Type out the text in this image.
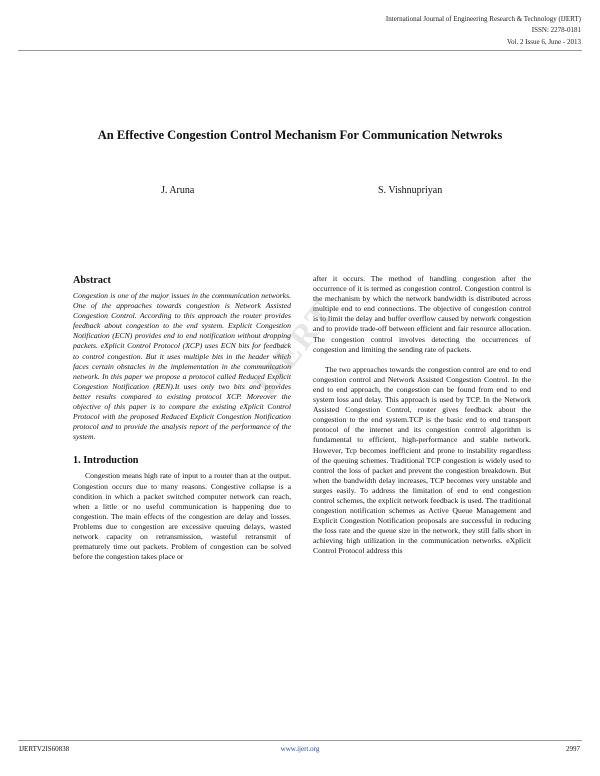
International Journal of Engineering Research & Technology (IJERT)
ISSN: 2278-0181
Vol. 2 Issue 6, June - 2013
An Effective Congestion Control Mechanism For Communication Netwroks
J. Aruna	S. Vishnupriyan
Abstract

Congestion is one of the major issues in the communication networks. One of the approaches towards congestion is Network Assisted Congestion Control. According to this approach the router provides feedback about congestion to the end system. Explicit Congestion Notification (ECN) provides end to end notification without dropping packets. eXplicit Control Protocol (XCP) uses ECN bits for feedback to control congestion. But it uses multiple bits in the header which faces certain obstacles in the implementation in the communication network. In this paper we propose a protocol called Reduced Explicit Congestion Notification (REN).It uses only two bits and provides better results compared to existing protocol XCP. Moreover the objective of this paper is to compare the existing eXplicit Control Protocol with the proposed Reduced Explicit Congestion Notification protocol and to provide the analysis report of the performance of the system.

1. Introduction

Congestion means high rate of input to a router than at the output. Congestion occurs due to many reasons. Congestive collapse is a condition in which a packet switched computer network can reach, when a little or no useful communication is happening due to congestion. The main effects of the congestion are delay and losses. Problems due to congestion are excessive queuing delays, wasted network capacity on retransmission, wasteful retransmit of prematurely time out packets. Problem of congestion can be solved before the congestion takes place or

after it occurs. The method of handling congestion after the occurrence of it is termed as congestion control. Congestion control is the mechanism by which the network bandwidth is distributed across multiple end to end connections. The objective of congestion control is to limit the delay and buffer overflow caused by network congestion and to provide trade-off between efficient and fair resource allocation. The congestion control involves detecting the occurrences of congestion and limiting the sending rate of packets.

The two approaches towards the congestion control are end to end congestion control and Network Assisted Congestion Control. In the end to end approach, the congestion can be found from end to end system loss and delay. This approach is used by TCP. In the Network Assisted Congestion Control, router gives feedback about the congestion to the end system.TCP is the basic end to end transport protocol of the internet and its congestion control algorithm is fundamental to efficient, high-performance and stable network. However, Tcp becomes inefficient and prone to instability regardless of the queuing schemes. Traditional TCP congestion is widely used to control the loss of packet and prevent the congestion breakdown. But when the bandwidth delay increases, TCP becomes very unstable and surges easily. To address the limitation of end to end congestion control schemes, the explicit network feedback is used. The traditional congestion notification schemes as Active Queue Management and Explicit Congestion Notification proposals are successful in reducing the loss rate and the queue size in the network, they still falls short in achieving high utilization in the communication networks. eXplicit Control Protocol address this

IJERT
IJERTV2IS60838	www.ijert.org	2997
